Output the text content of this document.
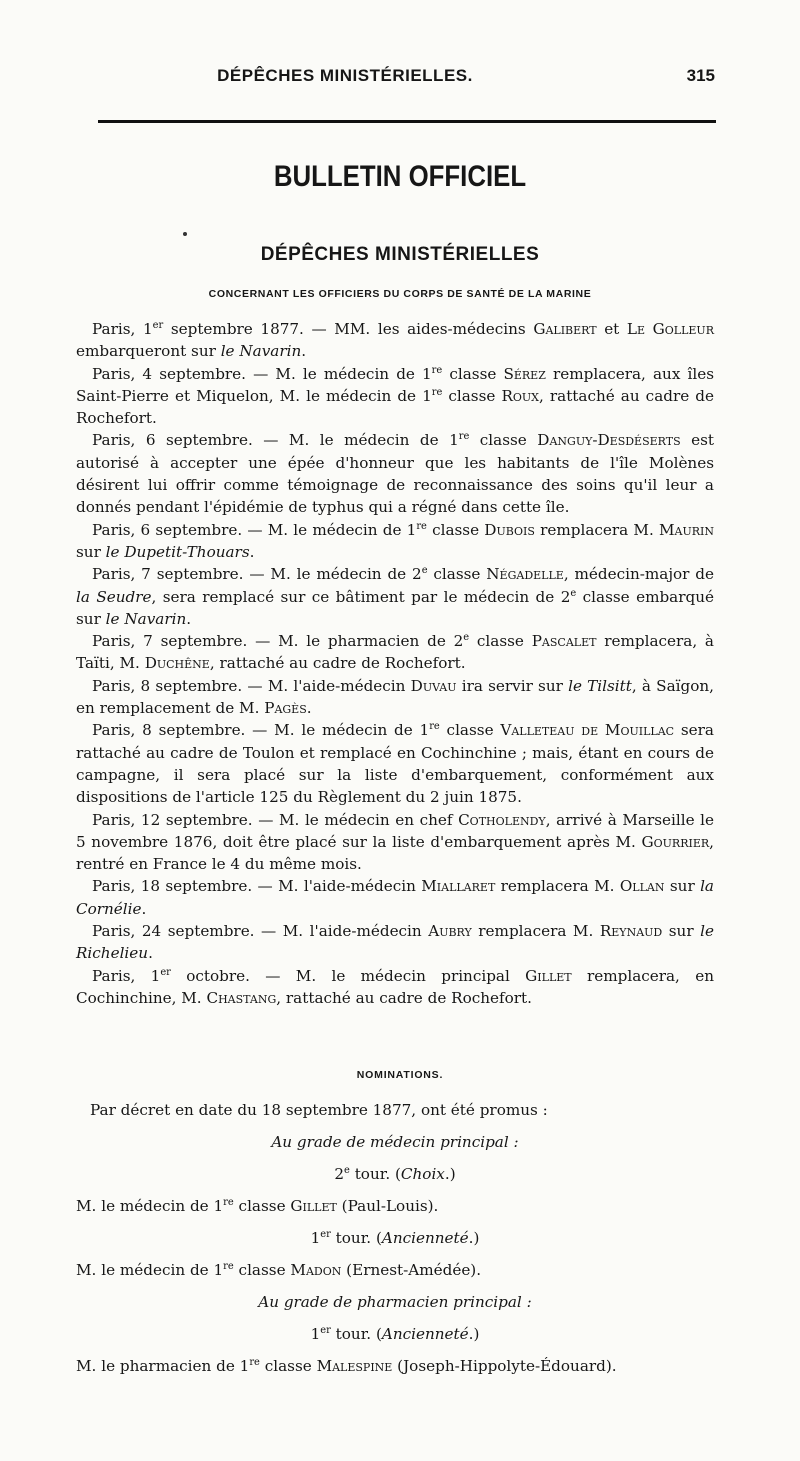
DÉPÊCHES MINISTÉRIELLES.	315
BULLETIN OFFICIEL
DÉPÊCHES MINISTÉRIELLES
CONCERNANT LES OFFICIERS DU CORPS DE SANTÉ DE LA MARINE

Paris, 1er septembre 1877. — MM. les aides-médecins Galibert et Le Golleur embarqueront sur le Navarin.

Paris, 4 septembre. — M. le médecin de 1re classe Sérez remplacera, aux îles Saint-Pierre et Miquelon, M. le médecin de 1re classe Roux, rattaché au cadre de Rochefort.

Paris, 6 septembre. — M. le médecin de 1re classe Danguy-Desdéserts est autorisé à accepter une épée d'honneur que les habitants de l'île Molènes désirent lui offrir comme témoignage de reconnaissance des soins qu'il leur a donnés pendant l'épidémie de typhus qui a régné dans cette île.

Paris, 6 septembre. — M. le médecin de 1re classe Dubois remplacera M. Maurin sur le Dupetit-Thouars.

Paris, 7 septembre. — M. le médecin de 2e classe Négadelle, médecin-major de la Seudre, sera remplacé sur ce bâtiment par le médecin de 2e classe embarqué sur le Navarin.

Paris, 7 septembre. — M. le pharmacien de 2e classe Pascalet remplacera, à Taïti, M. Duchêne, rattaché au cadre de Rochefort.

Paris, 8 septembre. — M. l'aide-médecin Duvau ira servir sur le Tilsitt, à Saïgon, en remplacement de M. Pagès.

Paris, 8 septembre. — M. le médecin de 1re classe Valleteau de Mouillac sera rattaché au cadre de Toulon et remplacé en Cochinchine ; mais, étant en cours de campagne, il sera placé sur la liste d'embarquement, conformément aux dispositions de l'article 125 du Règlement du 2 juin 1875.

Paris, 12 septembre. — M. le médecin en chef Cotholendy, arrivé à Marseille le 5 novembre 1876, doit être placé sur la liste d'embarquement après M. Gourrier, rentré en France le 4 du même mois.

Paris, 18 septembre. — M. l'aide-médecin Miallaret remplacera M. Ollan sur la Cornélie.

Paris, 24 septembre. — M. l'aide-médecin Aubry remplacera M. Reynaud sur le Richelieu.

Paris, 1er octobre. — M. le médecin principal Gillet remplacera, en Cochinchine, M. Chastang, rattaché au cadre de Rochefort.

NOMINATIONS.
Par décret en date du 18 septembre 1877, ont été promus :
Au grade de médecin principal :
2e tour. (Choix.)
M. le médecin de 1re classe Gillet (Paul-Louis).
1er tour. (Ancienneté.)
M. le médecin de 1re classe Madon (Ernest-Amédée).
Au grade de pharmacien principal :
1er tour. (Ancienneté.)
M. le pharmacien de 1re classe Malespine (Joseph-Hippolyte-Édouard).
